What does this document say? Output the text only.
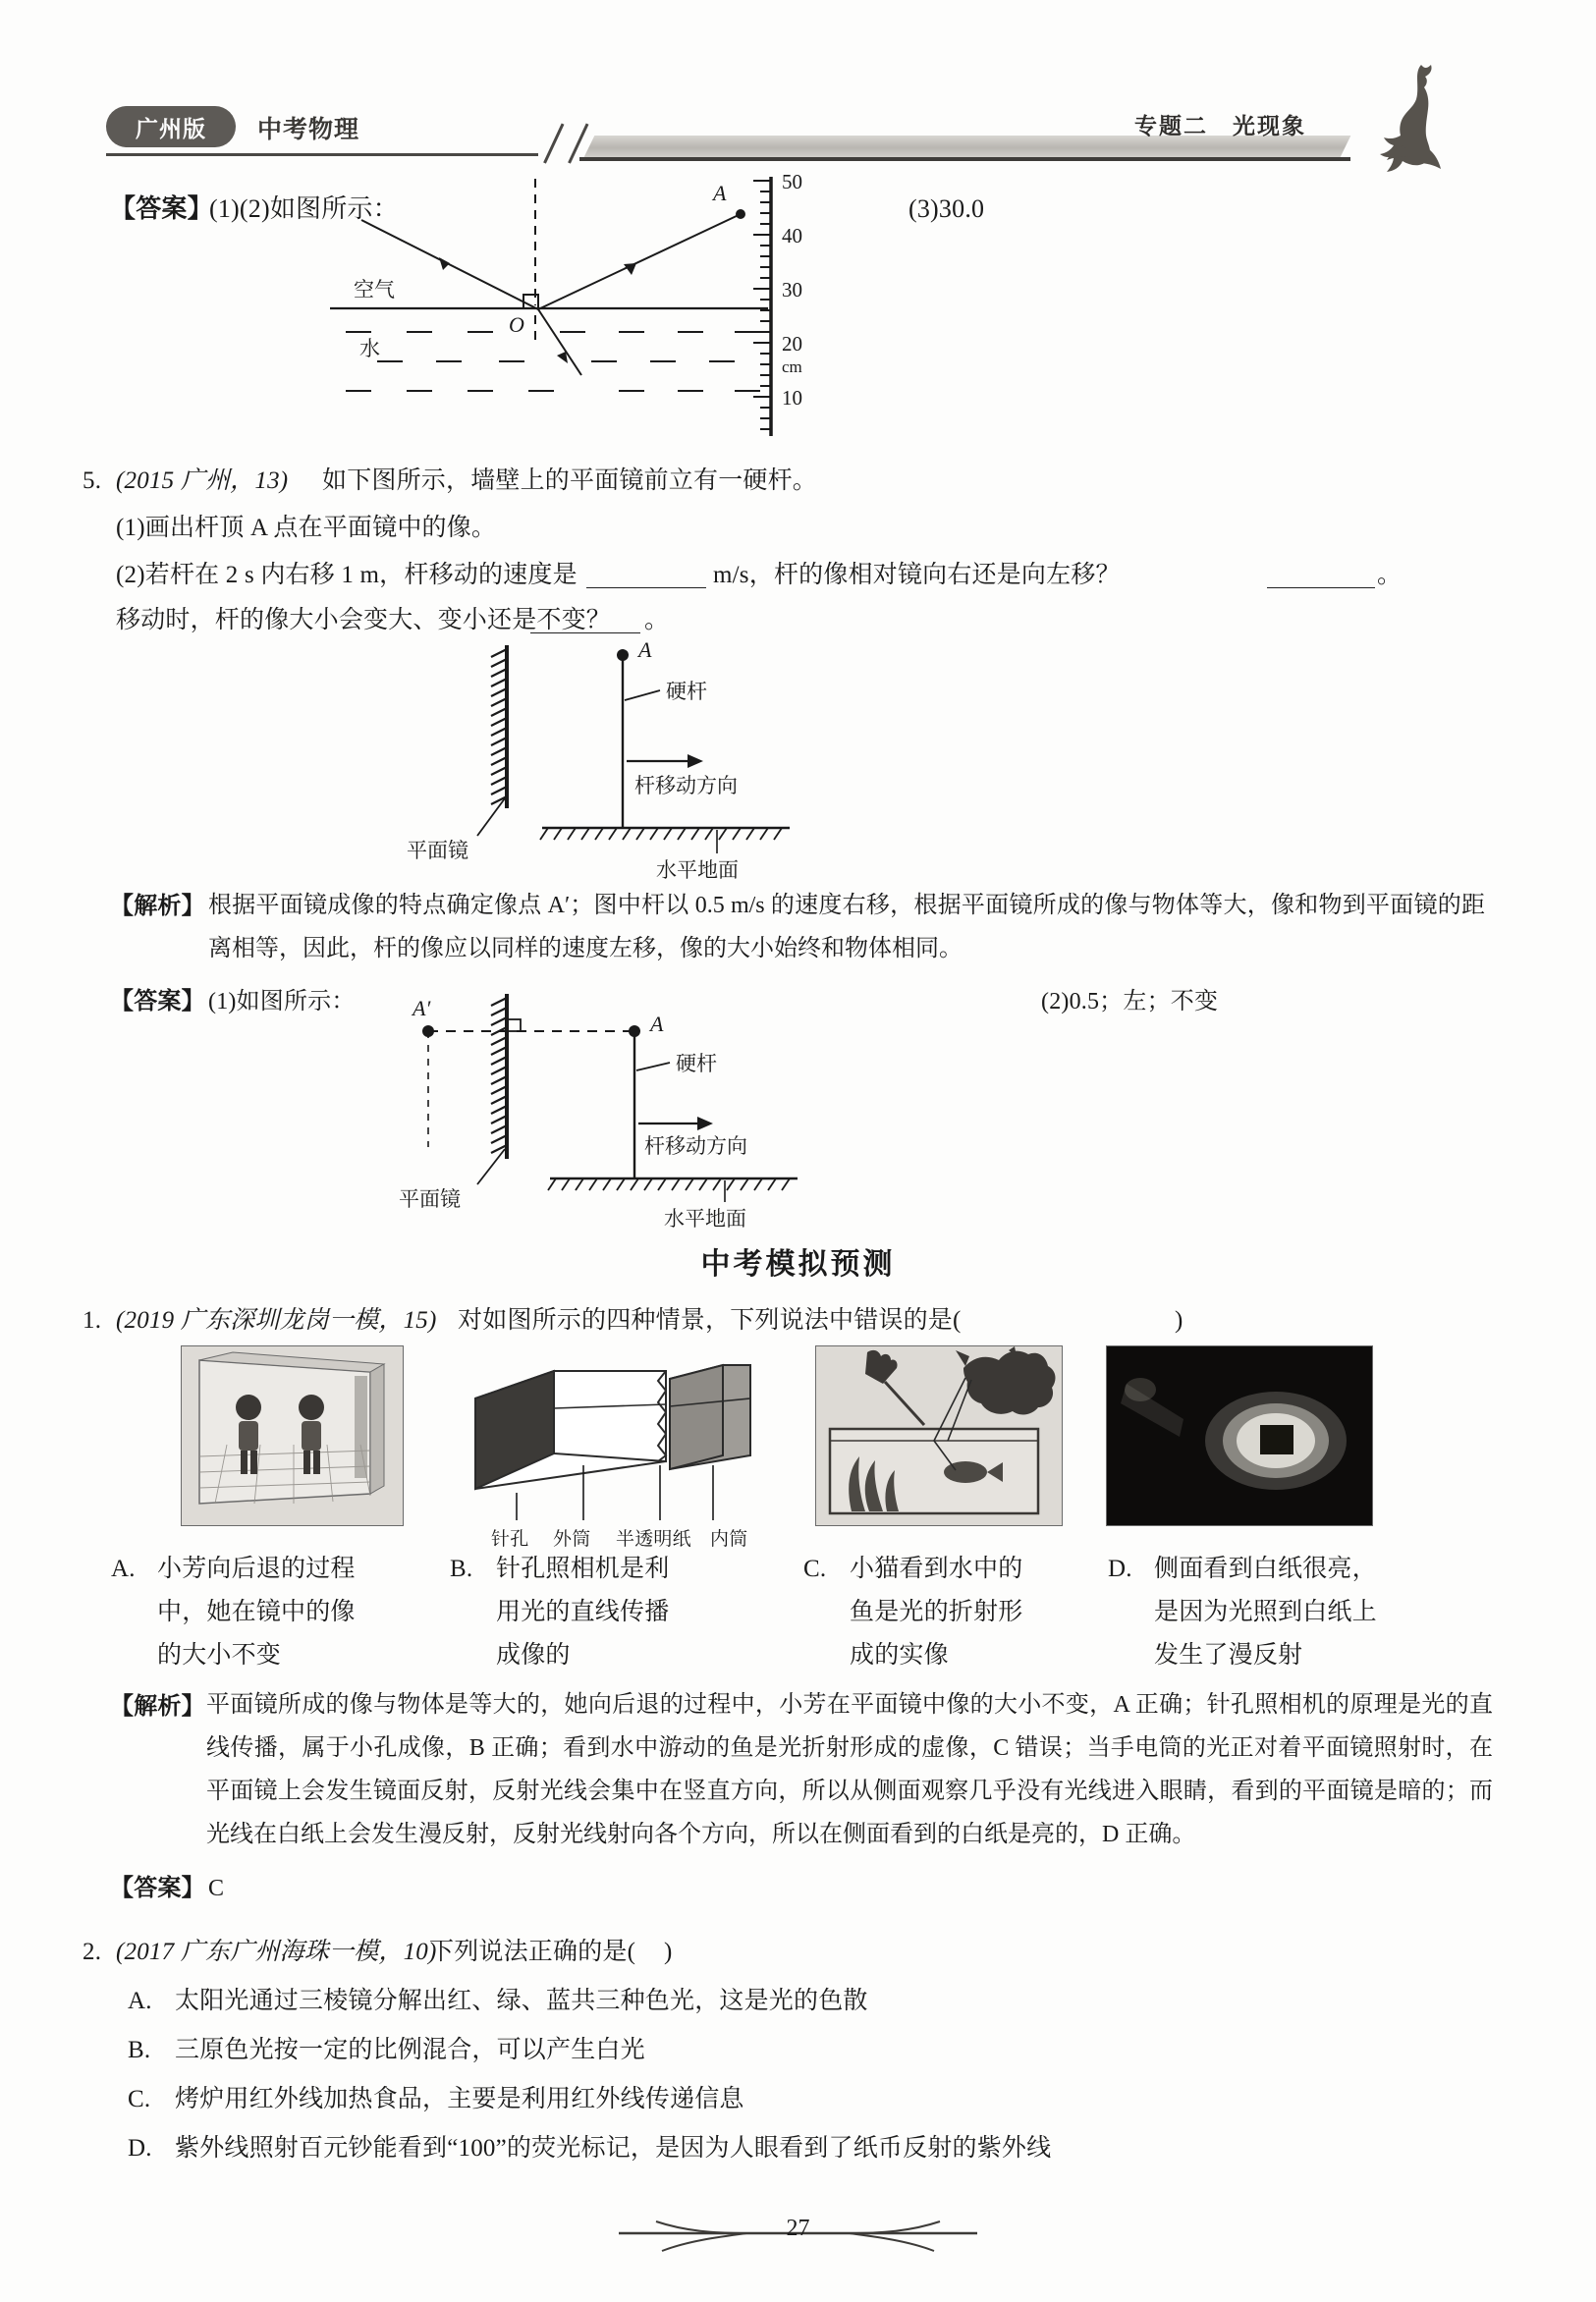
广州版	中考物理	专题二　光现象
【答案】
(1)(2)如图所示：	(3)30.0
O
A
空气
水
50
40
30
20
cm
10
5. (2015 广州，13) 如下图所示，墙壁上的平面镜前立有一硬杆。
(1)画出杆顶 A 点在平面镜中的像。
(2)若杆在 2 s 内右移 1 m，杆移动的速度是	m/s，杆的像相对镜向右还是向左移？	。
移动时，杆的像大小会变大、变小还是不变？ 。
平面镜
A
硬杆
杆移动方向
水平地面
【解析】 根据平面镜成像的特点确定像点 A′；图中杆以 0.5 m/s 的速度右移，根据平面镜所成的像与物体等大，像和物到平面镜的距离相等，因此，杆的像应以同样的速度左移，像的大小始终和物体相同。
【答案】 (1)如图所示：	(2)0.5；左；不变
A′
平面镜
A
硬杆
杆移动方向
水平地面
中考模拟预测
1. (2019 广东深圳龙岗一模，15) 对如图所示的四种情景，下列说法中错误的是(	)
针孔 外筒 半透明纸 内筒
A. 小芳向后退的过程
中，她在镜中的像
的大小不变
B. 针孔照相机是利
用光的直线传播
成像的
C. 小猫看到水中的
鱼是光的折射形
成的实像
D. 侧面看到白纸很亮，
是因为光照到白纸上
发生了漫反射
【解析】 平面镜所成的像与物体是等大的，她向后退的过程中，小芳在平面镜中像的大小不变，A 正确；针孔照相机的原理是光的直线传播，属于小孔成像，B 正确；看到水中游动的鱼是光折射形成的虚像，C 错误；当手电筒的光正对着平面镜照射时，在平面镜上会发生镜面反射，反射光线会集中在竖直方向，所以从侧面观察几乎没有光线进入眼睛，看到的平面镜是暗的；而光线在白纸上会发生漫反射，反射光线射向各个方向，所以在侧面看到的白纸是亮的，D 正确。
【答案】 C
2. (2017 广东广州海珠一模，10)
下列说法正确的是( )
A. 太阳光通过三棱镜分解出红、绿、蓝共三种色光，这是光的色散
B. 三原色光按一定的比例混合，可以产生白光
C. 烤炉用红外线加热食品，主要是利用红外线传递信息
D. 紫外线照射百元钞能看到“100”的荧光标记，是因为人眼看到了纸币反射的紫外线
27
